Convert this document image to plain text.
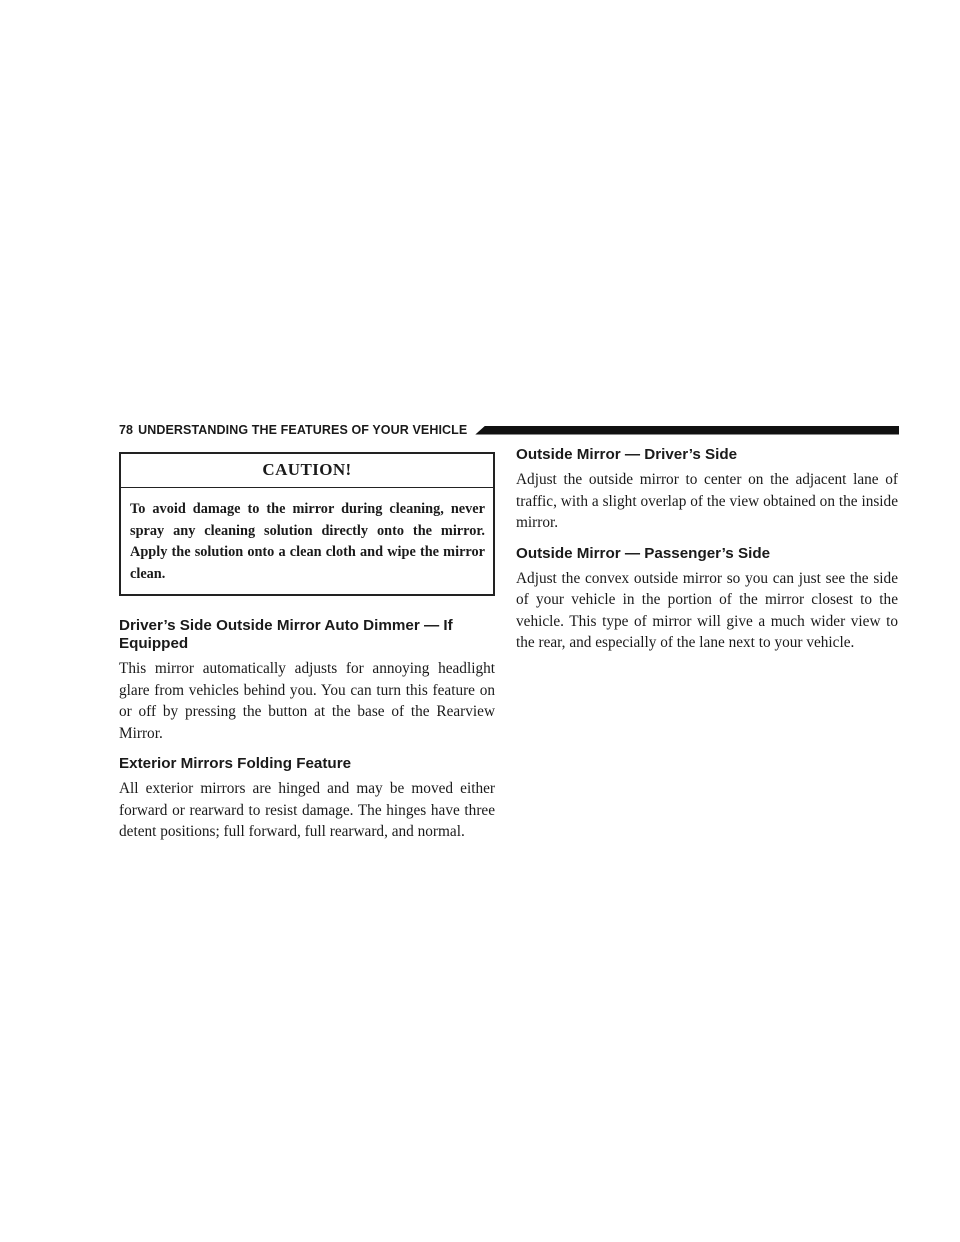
78 UNDERSTANDING THE FEATURES OF YOUR VEHICLE
CAUTION!
To avoid damage to the mirror during cleaning, never spray any cleaning solution directly onto the mirror. Apply the solution onto a clean cloth and wipe the mirror clean.
Driver’s Side Outside Mirror Auto Dimmer — If Equipped

This mirror automatically adjusts for annoying headlight glare from vehicles behind you. You can turn this feature on or off by pressing the button at the base of the Rearview Mirror.

Exterior Mirrors Folding Feature

All exterior mirrors are hinged and may be moved either forward or rearward to resist damage. The hinges have three detent positions; full forward, full rearward, and normal.

Outside Mirror — Driver’s Side

Adjust the outside mirror to center on the adjacent lane of traffic, with a slight overlap of the view obtained on the inside mirror.

Outside Mirror — Passenger’s Side

Adjust the convex outside mirror so you can just see the side of your vehicle in the portion of the mirror closest to the vehicle. This type of mirror will give a much wider view to the rear, and especially of the lane next to your vehicle.
